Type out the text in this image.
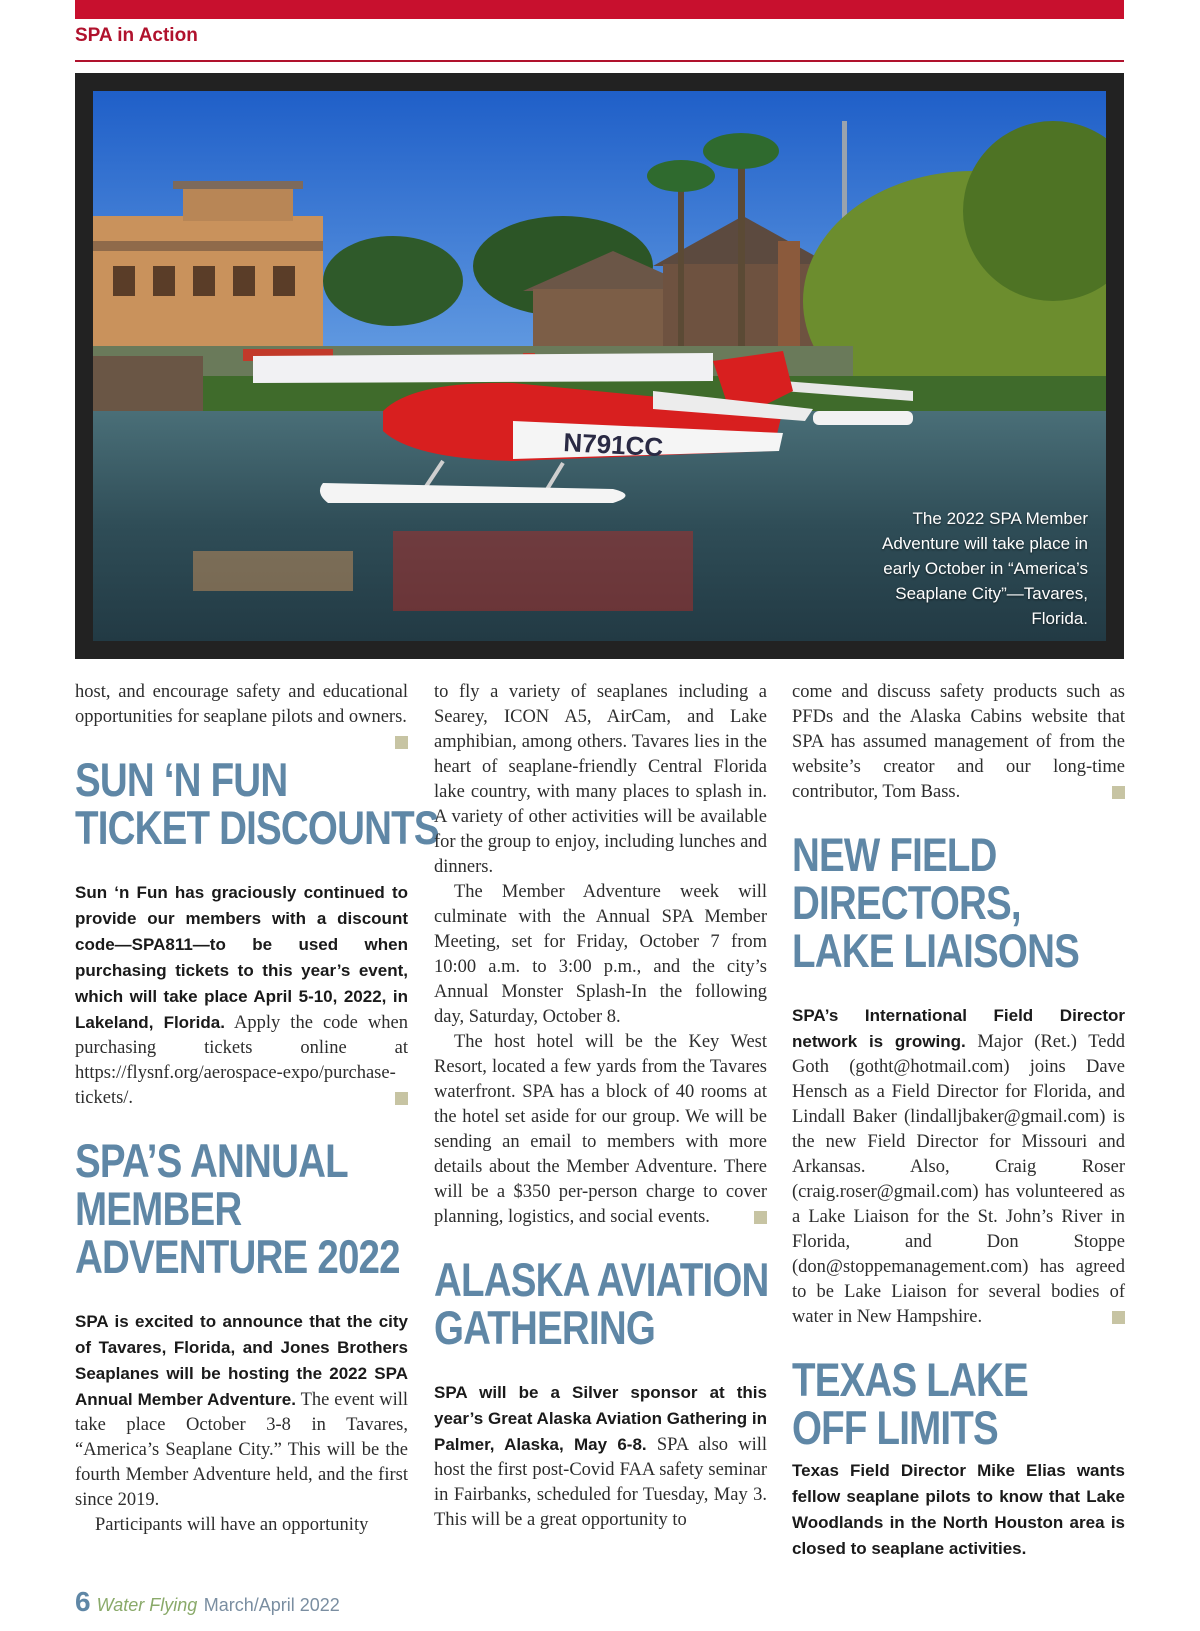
SPA in Action
N791CC
The 2022 SPA Member Adventure will take place in early October in “America’s Seaplane City”—Tavares, Florida.

host, and encourage safety and educational opportunities for seaplane pilots and owners.

SUN ‘N FUN
TICKET DISCOUNTS

Sun ‘n Fun has graciously continued to provide our members with a discount code—SPA811—to be used when purchasing tickets to this year’s event, which will take place April 5-10, 2022, in Lakeland, Florida. Apply the code when purchasing tickets online at https://flysnf.org/aerospace-expo/purchase-tickets/.

SPA’S ANNUAL
MEMBER
ADVENTURE 2022

SPA is excited to announce that the city of Tavares, Florida, and Jones Brothers Seaplanes will be hosting the 2022 SPA Annual Member Adventure. The event will take place October 3-8 in Tavares, “America’s Seaplane City.” This will be the fourth Member Adventure held, and the first since 2019.

Participants will have an opportunity

to fly a variety of seaplanes including a Searey, ICON A5, AirCam, and Lake amphibian, among others. Tavares lies in the heart of seaplane-friendly Central Florida lake country, with many places to splash in. A variety of other activities will be available for the group to enjoy, including lunches and dinners.

The Member Adventure week will culminate with the Annual SPA Member Meeting, set for Friday, October 7 from 10:00 a.m. to 3:00 p.m., and the city’s Annual Monster Splash-In the following day, Saturday, October 8.

The host hotel will be the Key West Resort, located a few yards from the Tavares waterfront. SPA has a block of 40 rooms at the hotel set aside for our group. We will be sending an email to members with more details about the Member Adventure. There will be a $350 per-person charge to cover planning, logistics, and social events.

ALASKA AVIATION
GATHERING

SPA will be a Silver sponsor at this year’s Great Alaska Aviation Gathering in Palmer, Alaska, May 6-8. SPA also will host the first post-Covid FAA safety seminar in Fairbanks, scheduled for Tuesday, May 3. This will be a great opportunity to

come and discuss safety products such as PFDs and the Alaska Cabins website that SPA has assumed management of from the website’s creator and our long-time contributor, Tom Bass.

NEW FIELD
DIRECTORS,
LAKE LIAISONS

SPA’s International Field Director network is growing. Major (Ret.) Tedd Goth (gotht@hotmail.com) joins Dave Hensch as a Field Director for Florida, and Lindall Baker (lindalljbaker@gmail.com) is the new Field Director for Missouri and Arkansas. Also, Craig Roser (craig.roser@gmail.com) has volunteered as a Lake Liaison for the St. John’s River in Florida, and Don Stoppe (don@stoppemanagement.com) has agreed to be Lake Liaison for several bodies of water in New Hampshire.

TEXAS LAKE
OFF LIMITS

Texas Field Director Mike Elias wants fellow seaplane pilots to know that Lake Woodlands in the North Houston area is closed to seaplane activities.

6 Water Flying March/April 2022
